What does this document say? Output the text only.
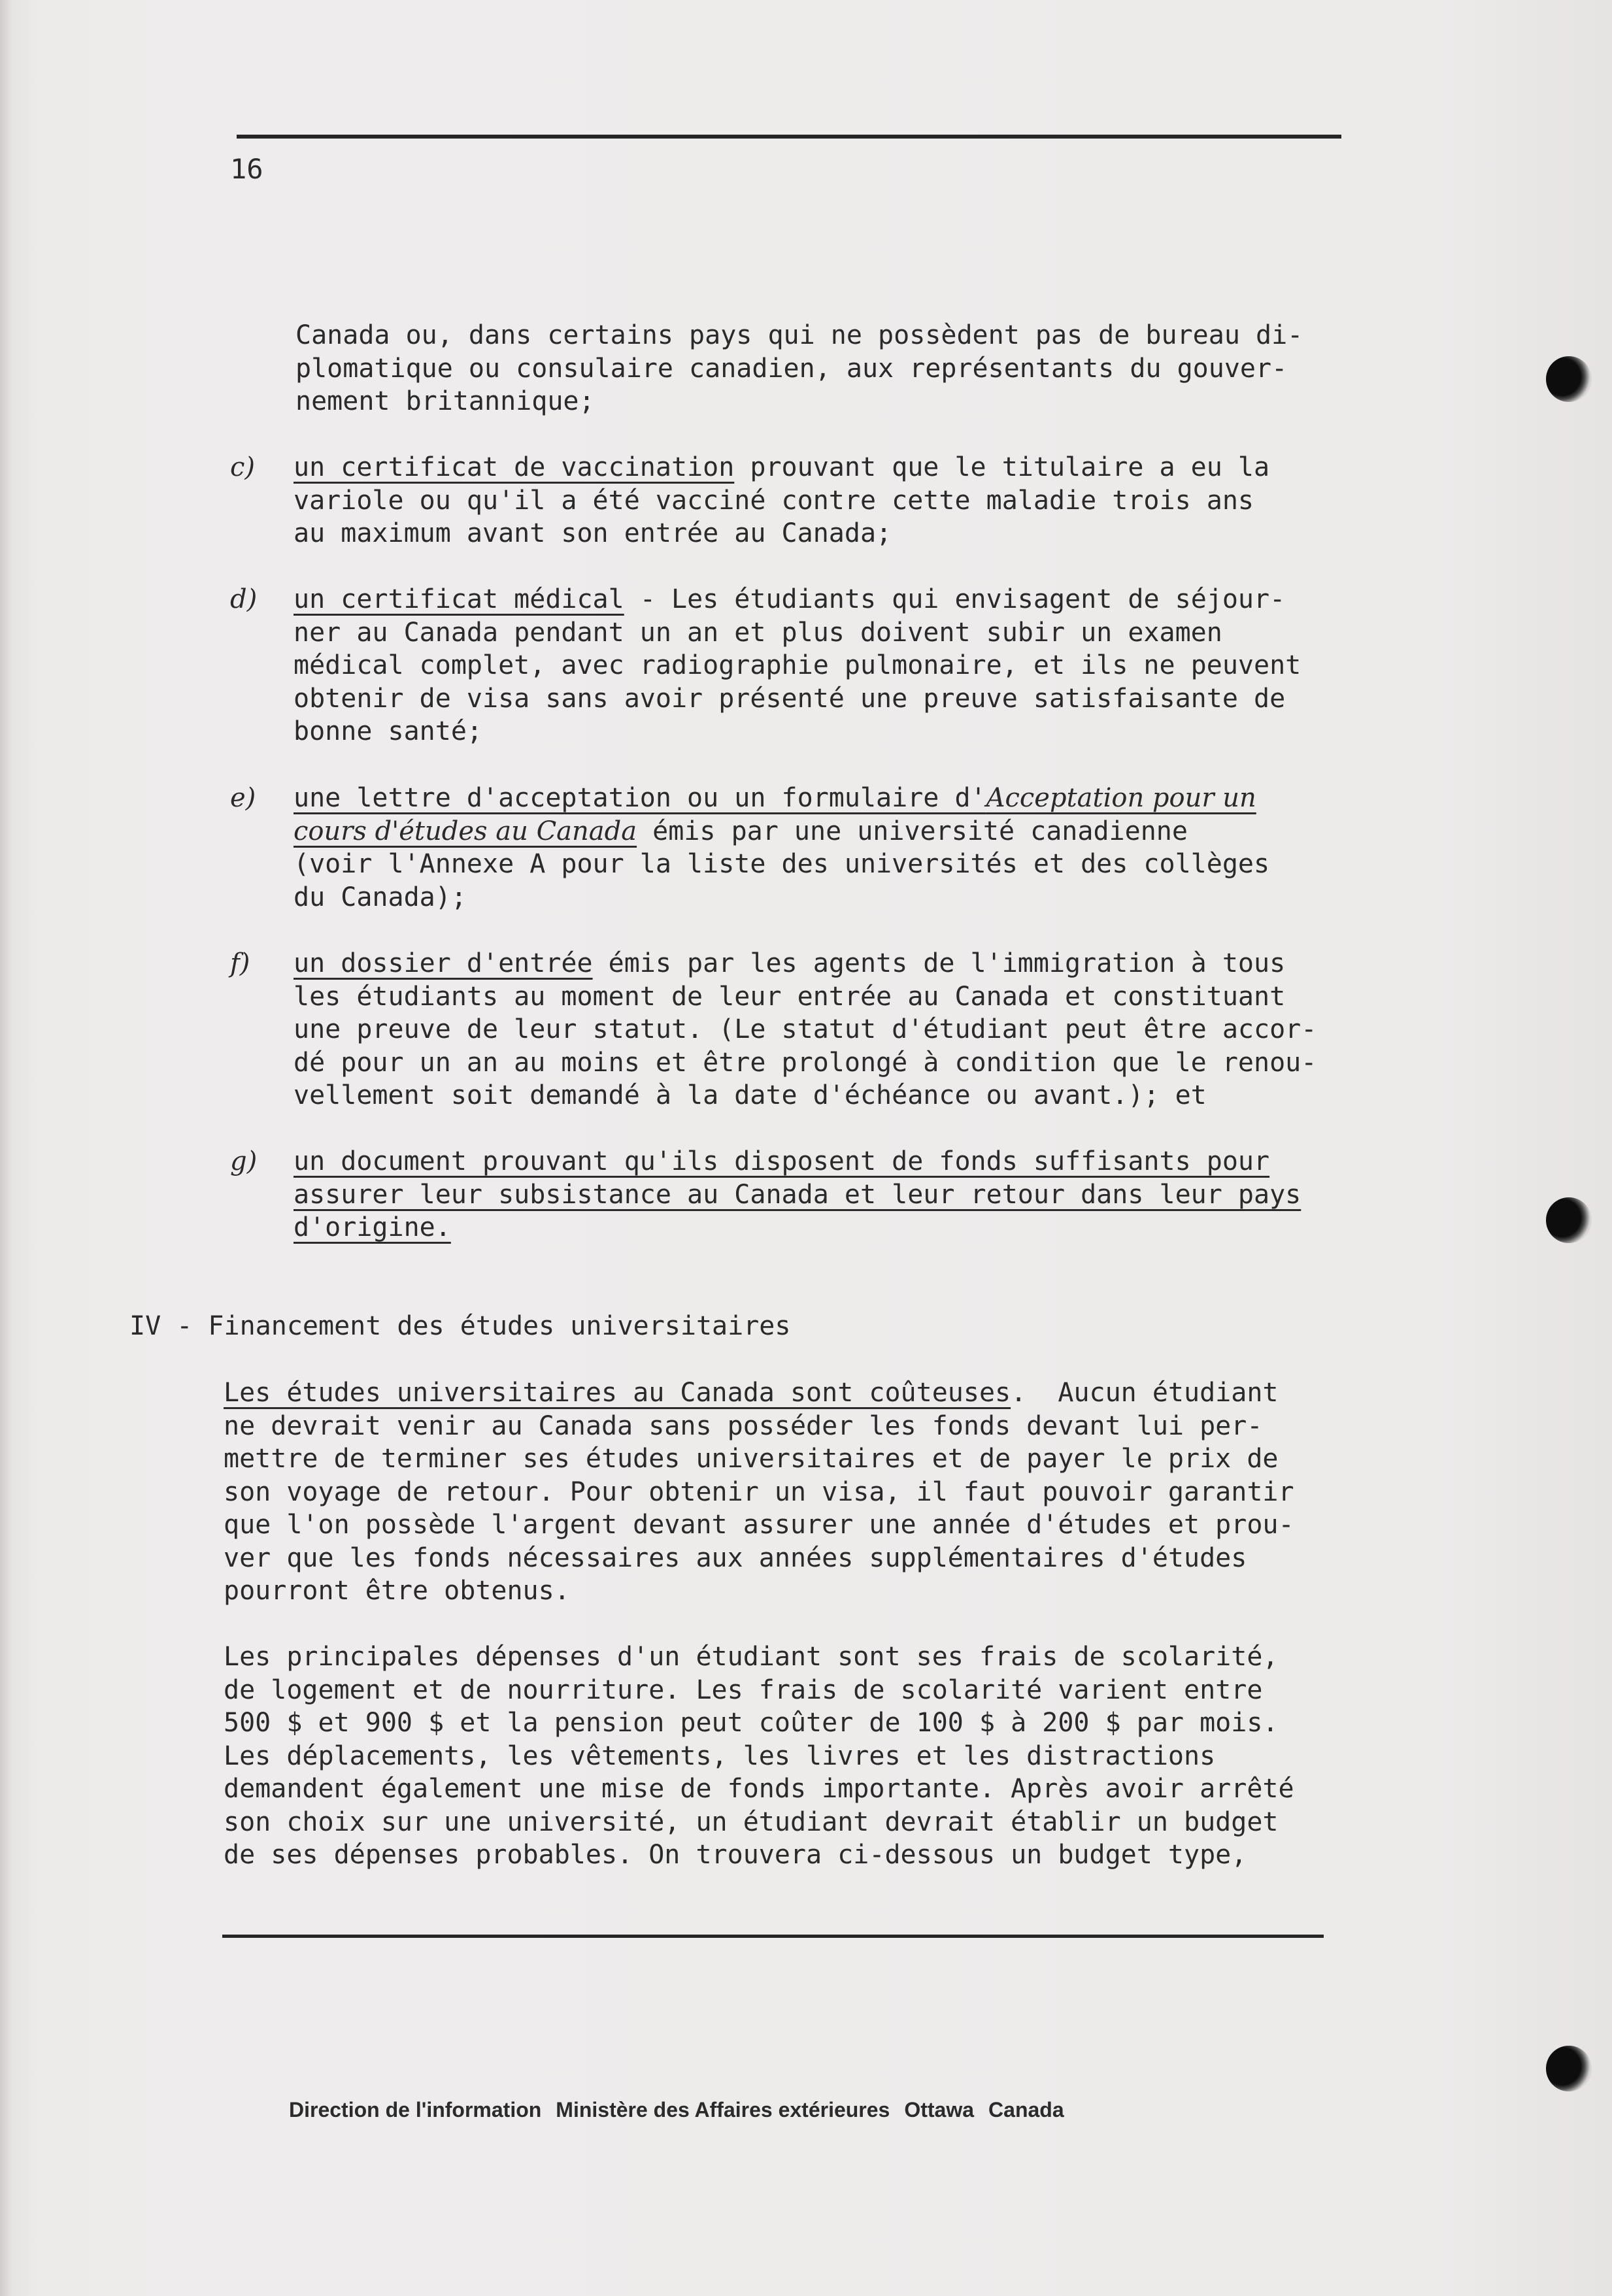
16
Canada ou, dans certains pays qui ne possèdent pas de bureau di-
plomatique ou consulaire canadien, aux représentants du gouver-
nement britannique;
c) un certificat de vaccination prouvant que le titulaire a eu la
variole ou qu'il a été vacciné contre cette maladie trois ans
au maximum avant son entrée au Canada;
d) un certificat médical - Les étudiants qui envisagent de séjour-
ner au Canada pendant un an et plus doivent subir un examen
médical complet, avec radiographie pulmonaire, et ils ne peuvent
obtenir de visa sans avoir présenté une preuve satisfaisante de
bonne santé;
e) une lettre d'acceptation ou un formulaire d'Acceptation pour un
cours d'études au Canada émis par une université canadienne
(voir l'Annexe A pour la liste des universités et des collèges
du Canada);
f) un dossier d'entrée émis par les agents de l'immigration à tous
les étudiants au moment de leur entrée au Canada et constituant
une preuve de leur statut. (Le statut d'étudiant peut être accor-
dé pour un an au moins et être prolongé à condition que le renou-
vellement soit demandé à la date d'échéance ou avant.); et
g) un document prouvant qu'ils disposent de fonds suffisants pour
assurer leur subsistance au Canada et leur retour dans leur pays
d'origine.
IV - Financement des études universitaires
Les études universitaires au Canada sont coûteuses.  Aucun étudiant
ne devrait venir au Canada sans posséder les fonds devant lui per-
mettre de terminer ses études universitaires et de payer le prix de
son voyage de retour. Pour obtenir un visa, il faut pouvoir garantir
que l'on possède l'argent devant assurer une année d'études et prou-
ver que les fonds nécessaires aux années supplémentaires d'études
pourront être obtenus.
Les principales dépenses d'un étudiant sont ses frais de scolarité,
de logement et de nourriture. Les frais de scolarité varient entre
500 $ et 900 $ et la pension peut coûter de 100 $ à 200 $ par mois.
Les déplacements, les vêtements, les livres et les distractions
demandent également une mise de fonds importante. Après avoir arrêté
son choix sur une université, un étudiant devrait établir un budget
de ses dépenses probables. On trouvera ci-dessous un budget type,
Direction de l'information Ministère des Affaires extérieures Ottawa Canada
